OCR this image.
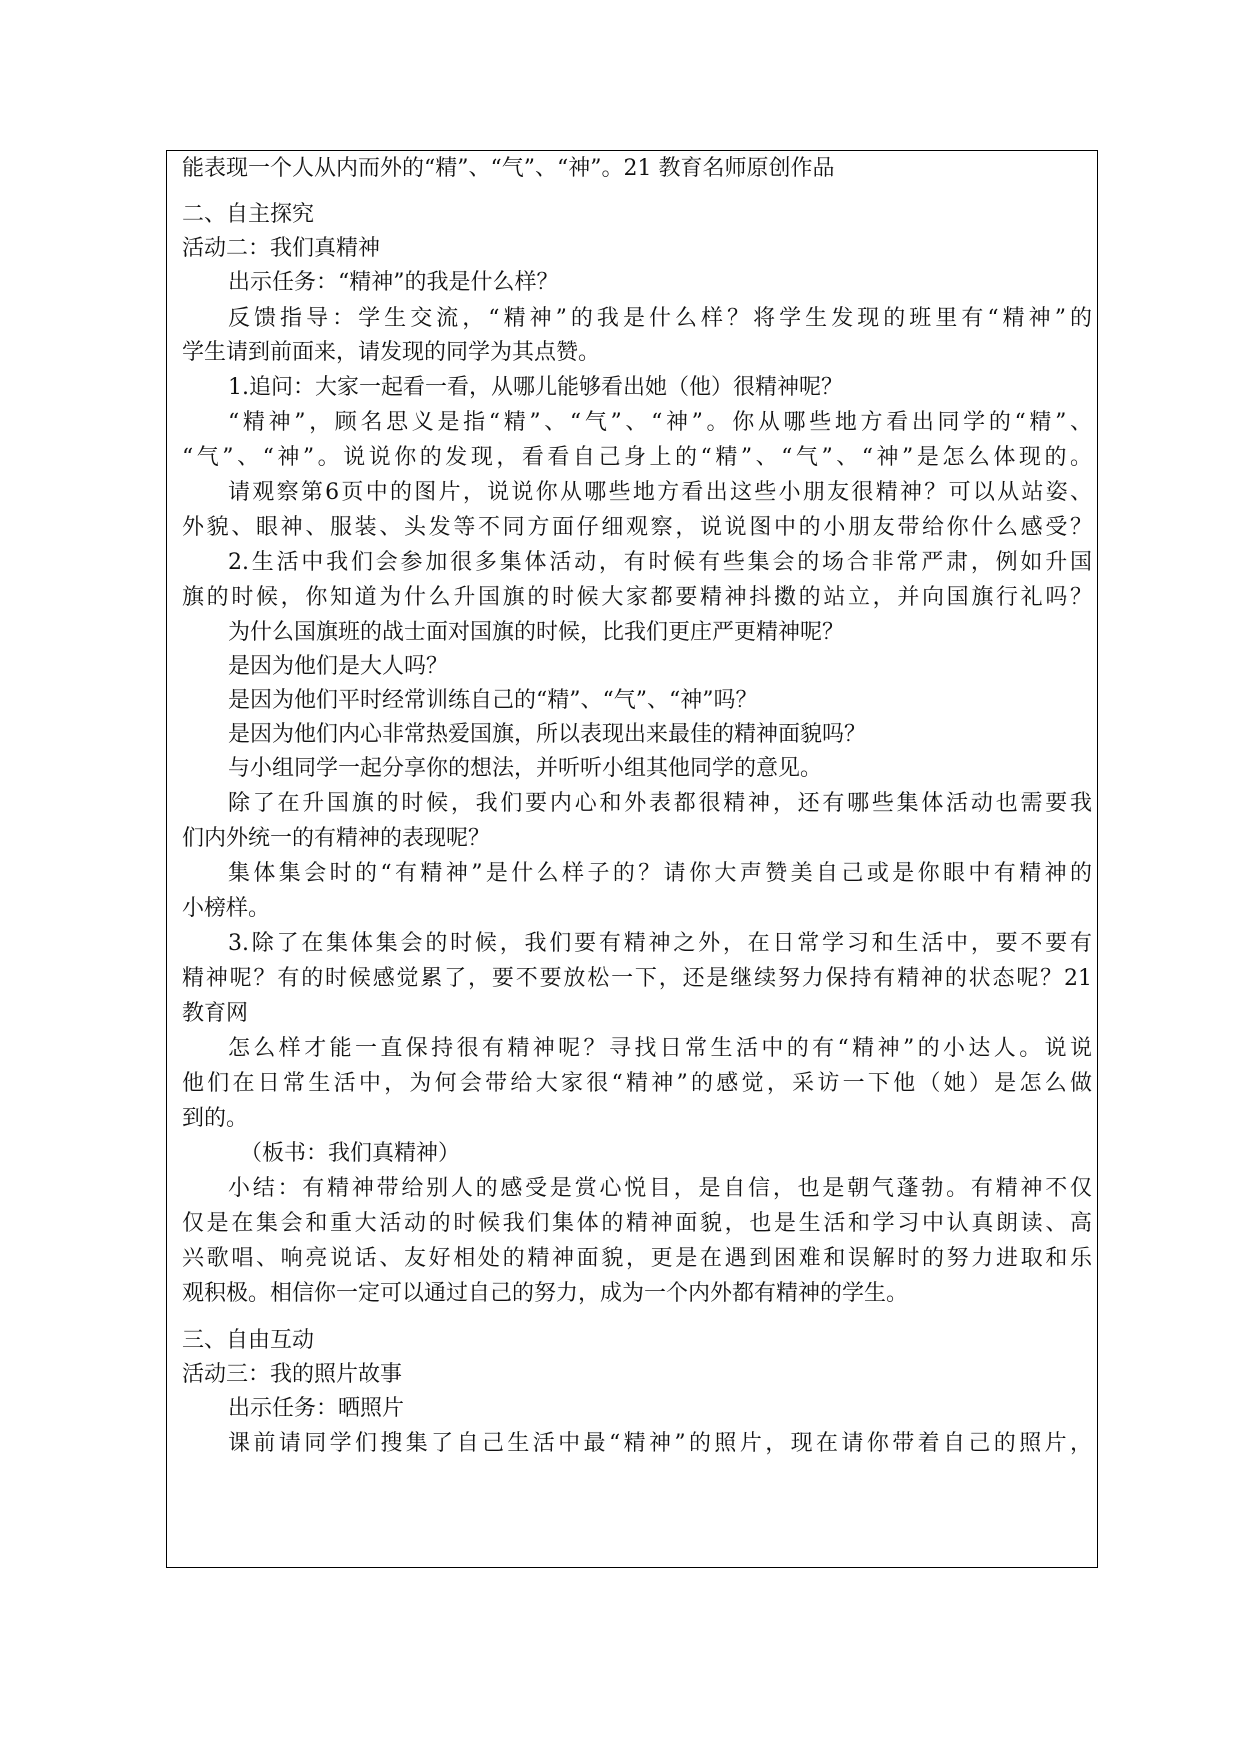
能表现一个人从内而外的“精”、“气”、“神”。21 教育名师原创作品
二、自主探究
活动二：我们真精神
出示任务：“精神”的我是什么样？
反馈指导：学生交流，“精神”的我是什么样？将学生发现的班里有“精神”的
学生请到前面来，请发现的同学为其点赞。
1.追问：大家一起看一看，从哪儿能够看出她（他）很精神呢？
“精神”，顾名思义是指“精”、“气”、“神”。你从哪些地方看出同学的“精”、
“气”、“神”。说说你的发现，看看自己身上的“精”、“气”、“神”是怎么体现的。
请观察第6页中的图片，说说你从哪些地方看出这些小朋友很精神？可以从站姿、
外貌、眼神、服装、头发等不同方面仔细观察，说说图中的小朋友带给你什么感受？
2.生活中我们会参加很多集体活动，有时候有些集会的场合非常严肃，例如升国
旗的时候，你知道为什么升国旗的时候大家都要精神抖擞的站立，并向国旗行礼吗？
为什么国旗班的战士面对国旗的时候，比我们更庄严更精神呢？
是因为他们是大人吗？
是因为他们平时经常训练自己的“精”、“气”、“神”吗？
是因为他们内心非常热爱国旗，所以表现出来最佳的精神面貌吗？
与小组同学一起分享你的想法，并听听小组其他同学的意见。
除了在升国旗的时候，我们要内心和外表都很精神，还有哪些集体活动也需要我
们内外统一的有精神的表现呢？
集体集会时的“有精神”是什么样子的？请你大声赞美自己或是你眼中有精神的
小榜样。
3.除了在集体集会的时候，我们要有精神之外，在日常学习和生活中，要不要有
精神呢？有的时候感觉累了，要不要放松一下，还是继续努力保持有精神的状态呢？21
教育网
怎么样才能一直保持很有精神呢？寻找日常生活中的有“精神”的小达人。说说
他们在日常生活中，为何会带给大家很“精神”的感觉，采访一下他（她）是怎么做
到的。
（板书：我们真精神）
小结：有精神带给别人的感受是赏心悦目，是自信，也是朝气蓬勃。有精神不仅
仅是在集会和重大活动的时候我们集体的精神面貌，也是生活和学习中认真朗读、高
兴歌唱、响亮说话、友好相处的精神面貌，更是在遇到困难和误解时的努力进取和乐
观积极。相信你一定可以通过自己的努力，成为一个内外都有精神的学生。
三、自由互动
活动三：我的照片故事
出示任务：晒照片
课前请同学们搜集了自己生活中最“精神”的照片，现在请你带着自己的照片，
